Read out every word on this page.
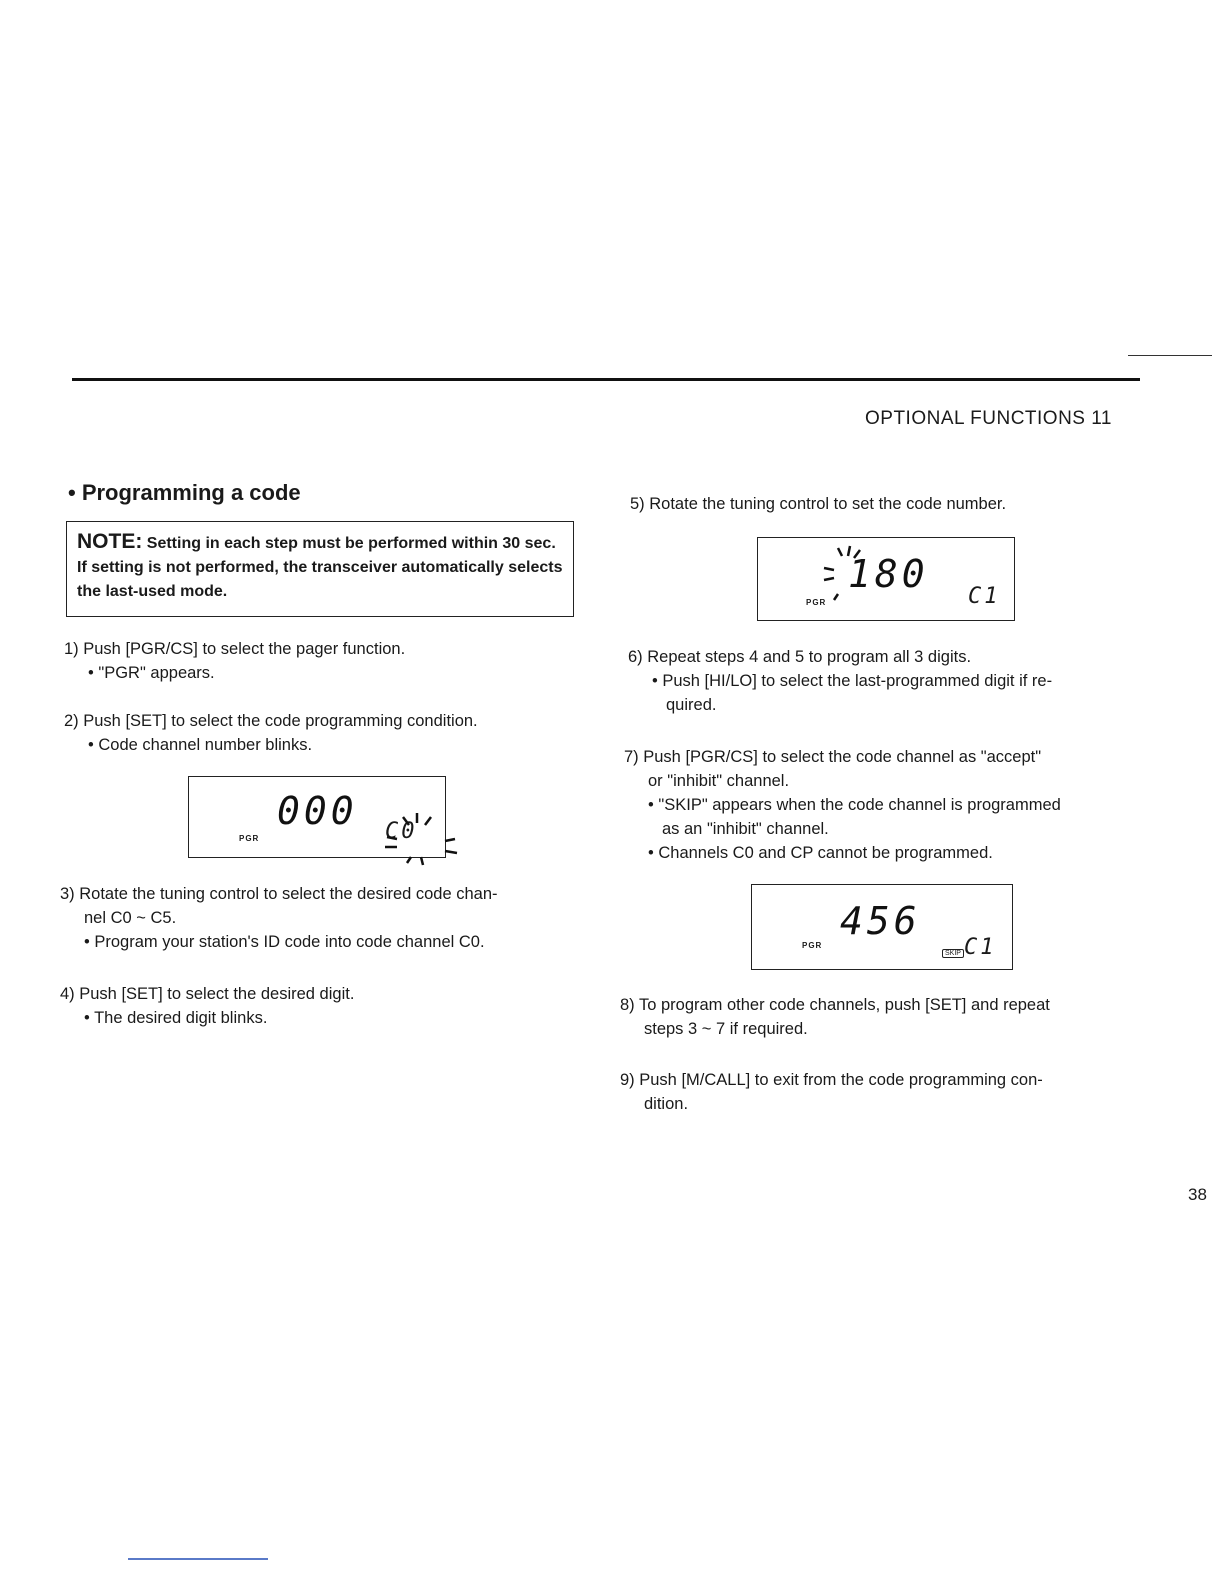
OPTIONAL FUNCTIONS 11
• Programming a code
NOTE: Setting in each step must be performed within 30 sec. If setting is not performed, the transceiver automatically selects the last-used mode.
1) Push [PGR/CS] to select the pager function.
• "PGR" appears.
2) Push [SET] to select the code programming condition.
• Code channel number blinks.
PGR
000 C0
3) Rotate the tuning control to select the desired code chan-
nel C0 ~ C5.
• Program your station's ID code into code channel C0.
4) Push [SET] to select the desired digit.
• The desired digit blinks.
5) Rotate the tuning control to set the code number.
PGR
180
C1
6) Repeat steps 4 and 5 to program all 3 digits.
• Push [HI/LO] to select the last-programmed digit if re-
quired.
7) Push [PGR/CS] to select the code channel as "accept"
or "inhibit" channel.
• "SKIP" appears when the code channel is programmed
as an "inhibit" channel.
• Channels C0 and CP cannot be programmed.
PGR
456
SKIP C1
8) To program other code channels, push [SET] and repeat
steps 3 ~ 7 if required.
9) Push [M/CALL] to exit from the code programming con-
dition.
38
